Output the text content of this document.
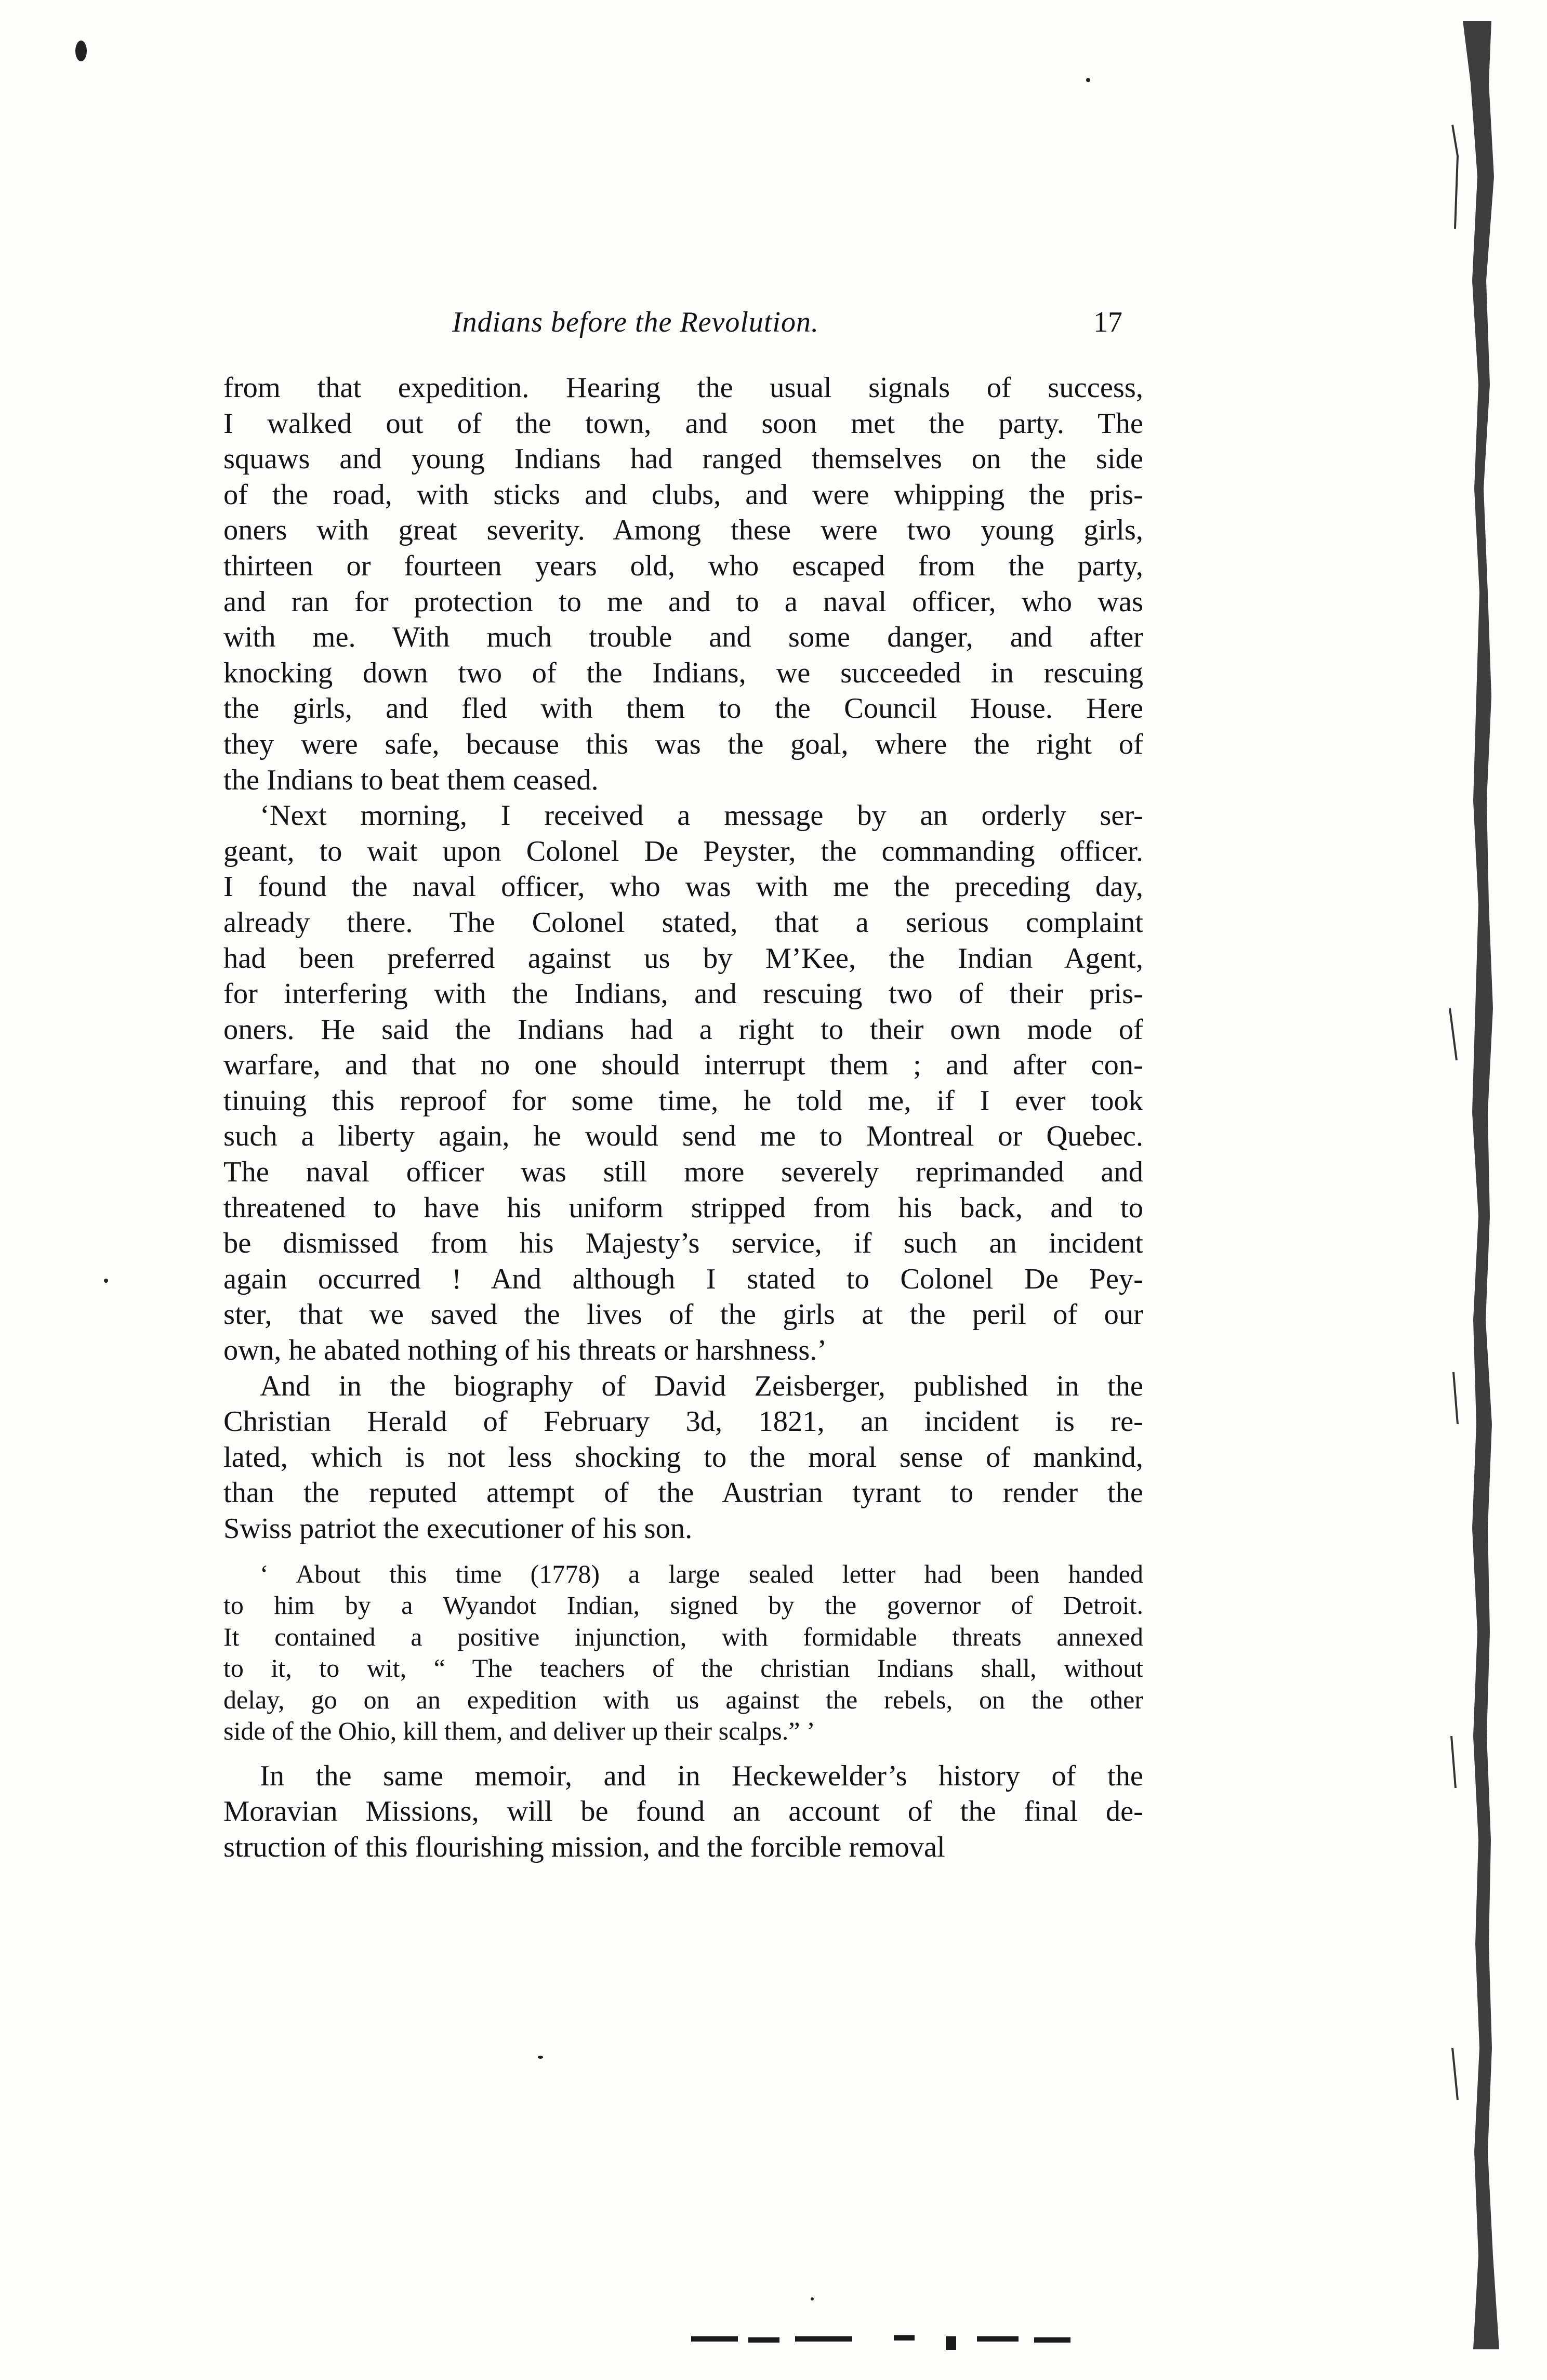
Indians before the Revolution.	17
from that expedition. Hearing the usual signals of success,
I walked out of the town, and soon met the party. The
squaws and young Indians had ranged themselves on the side
of the road, with sticks and clubs, and were whipping the pris-
oners with great severity. Among these were two young girls,
thirteen or fourteen years old, who escaped from the party,
and ran for protection to me and to a naval officer, who was
with me. With much trouble and some danger, and after
knocking down two of the Indians, we succeeded in rescuing
the girls, and fled with them to the Council House. Here
they were safe, because this was the goal, where the right of
the Indians to beat them ceased.
‘Next morning, I received a message by an orderly ser-
geant, to wait upon Colonel De Peyster, the commanding officer.
I found the naval officer, who was with me the preceding day,
already there. The Colonel stated, that a serious complaint
had been preferred against us by M’Kee, the Indian Agent,
for interfering with the Indians, and rescuing two of their pris-
oners. He said the Indians had a right to their own mode of
warfare, and that no one should interrupt them ; and after con-
tinuing this reproof for some time, he told me, if I ever took
such a liberty again, he would send me to Montreal or Quebec.
The naval officer was still more severely reprimanded and
threatened to have his uniform stripped from his back, and to
be dismissed from his Majesty’s service, if such an incident
again occurred ! And although I stated to Colonel De Pey-
ster, that we saved the lives of the girls at the peril of our
own, he abated nothing of his threats or harshness.’
And in the biography of David Zeisberger, published in the
Christian Herald of February 3d, 1821, an incident is re-
lated, which is not less shocking to the moral sense of mankind,
than the reputed attempt of the Austrian tyrant to render the
Swiss patriot the executioner of his son.
‘ About this time (1778) a large sealed letter had been handed
to him by a Wyandot Indian, signed by the governor of Detroit.
It contained a positive injunction, with formidable threats annexed
to it, to wit, “ The teachers of the christian Indians shall, without
delay, go on an expedition with us against the rebels, on the other
side of the Ohio, kill them, and deliver up their scalps.” ’
In the same memoir, and in Heckewelder’s history of the
Moravian Missions, will be found an account of the final de-
struction of this flourishing mission, and the forcible removal
